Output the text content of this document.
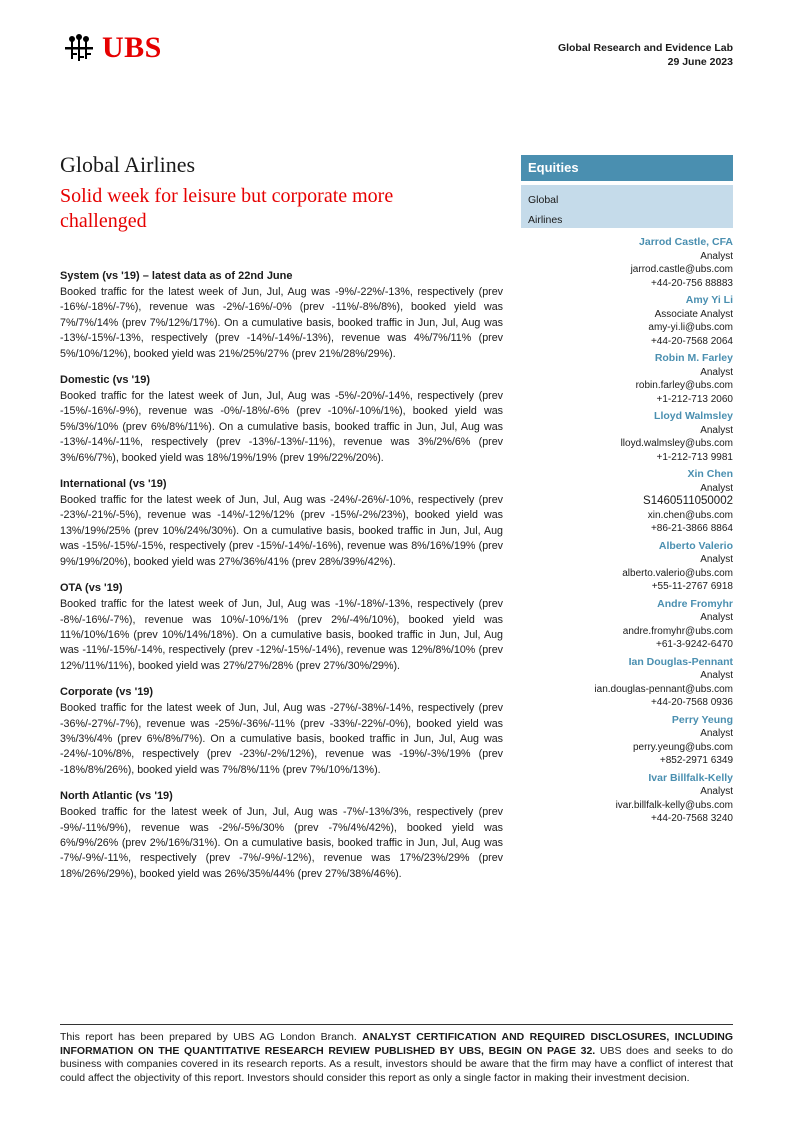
UBS	Global Research and Evidence Lab
29 June 2023
Global Airlines
Solid week for leisure but corporate more challenged
Equities
Global
Airlines
Jarrod Castle, CFA
Analyst
jarrod.castle@ubs.com
+44-20-756 88883
Amy Yi Li
Associate Analyst
amy-yi.li@ubs.com
+44-20-7568 2064
Robin M. Farley
Analyst
robin.farley@ubs.com
+1-212-713 2060
Lloyd Walmsley
Analyst
lloyd.walmsley@ubs.com
+1-212-713 9981
Xin Chen
Analyst
S1460511050002
xin.chen@ubs.com
+86-21-3866 8864
Alberto Valerio
Analyst
alberto.valerio@ubs.com
+55-11-2767 6918
Andre Fromyhr
Analyst
andre.fromyhr@ubs.com
+61-3-9242-6470
Ian Douglas-Pennant
Analyst
ian.douglas-pennant@ubs.com
+44-20-7568 0936
Perry Yeung
Analyst
perry.yeung@ubs.com
+852-2971 6349
Ivar Billfalk-Kelly
Analyst
ivar.billfalk-kelly@ubs.com
+44-20-7568 3240
System (vs '19) – latest data as of 22nd June

Booked traffic for the latest week of Jun, Jul, Aug was -9%/-22%/-13%, respectively (prev -16%/-18%/-7%), revenue was -2%/-16%/-0% (prev -11%/-8%/8%), booked yield was 7%/7%/14% (prev 7%/12%/17%). On a cumulative basis, booked traffic in Jun, Jul, Aug was -13%/-15%/-13%, respectively (prev -14%/-14%/-13%), revenue was 4%/7%/11% (prev 5%/10%/12%), booked yield was 21%/25%/27% (prev 21%/28%/29%).

Domestic (vs '19)

Booked traffic for the latest week of Jun, Jul, Aug was -5%/-20%/-14%, respectively (prev -15%/-16%/-9%), revenue was -0%/-18%/-6% (prev -10%/-10%/1%), booked yield was 5%/3%/10% (prev 6%/8%/11%). On a cumulative basis, booked traffic in Jun, Jul, Aug was -13%/-14%/-11%, respectively (prev -13%/-13%/-11%), revenue was 3%/2%/6% (prev 3%/6%/7%), booked yield was 18%/19%/19% (prev 19%/22%/20%).

International (vs '19)

Booked traffic for the latest week of Jun, Jul, Aug was -24%/-26%/-10%, respectively (prev -23%/-21%/-5%), revenue was -14%/-12%/12% (prev -15%/-2%/23%), booked yield was 13%/19%/25% (prev 10%/24%/30%). On a cumulative basis, booked traffic in Jun, Jul, Aug was -15%/-15%/-15%, respectively (prev -15%/-14%/-16%), revenue was 8%/16%/19% (prev 9%/19%/20%), booked yield was 27%/36%/41% (prev 28%/39%/42%).

OTA (vs '19)

Booked traffic for the latest week of Jun, Jul, Aug was -1%/-18%/-13%, respectively (prev -8%/-16%/-7%), revenue was 10%/-10%/1% (prev 2%/-4%/10%), booked yield was 11%/10%/16% (prev 10%/14%/18%). On a cumulative basis, booked traffic in Jun, Jul, Aug was -11%/-15%/-14%, respectively (prev -12%/-15%/-14%), revenue was 12%/8%/10% (prev 12%/11%/11%), booked yield was 27%/27%/28% (prev 27%/30%/29%).

Corporate (vs '19)

Booked traffic for the latest week of Jun, Jul, Aug was -27%/-38%/-14%, respectively (prev -36%/-27%/-7%), revenue was -25%/-36%/-11% (prev -33%/-22%/-0%), booked yield was 3%/3%/4% (prev 6%/8%/7%). On a cumulative basis, booked traffic in Jun, Jul, Aug was -24%/-10%/8%, respectively (prev -23%/-2%/12%), revenue was -19%/-3%/19% (prev -18%/8%/26%), booked yield was 7%/8%/11% (prev 7%/10%/13%).

North Atlantic (vs '19)

Booked traffic for the latest week of Jun, Jul, Aug was -7%/-13%/3%, respectively (prev -9%/-11%/9%), revenue was -2%/-5%/30% (prev -7%/4%/42%), booked yield was 6%/9%/26% (prev 2%/16%/31%). On a cumulative basis, booked traffic in Jun, Jul, Aug was -7%/-9%/-11%, respectively (prev -7%/-9%/-12%), revenue was 17%/23%/29% (prev 18%/26%/29%), booked yield was 26%/35%/44% (prev 27%/38%/46%).

This report has been prepared by UBS AG London Branch. ANALYST CERTIFICATION AND REQUIRED DISCLOSURES, INCLUDING INFORMATION ON THE QUANTITATIVE RESEARCH REVIEW PUBLISHED BY UBS, BEGIN ON PAGE 32. UBS does and seeks to do business with companies covered in its research reports. As a result, investors should be aware that the firm may have a conflict of interest that could affect the objectivity of this report. Investors should consider this report as only a single factor in making their investment decision.
